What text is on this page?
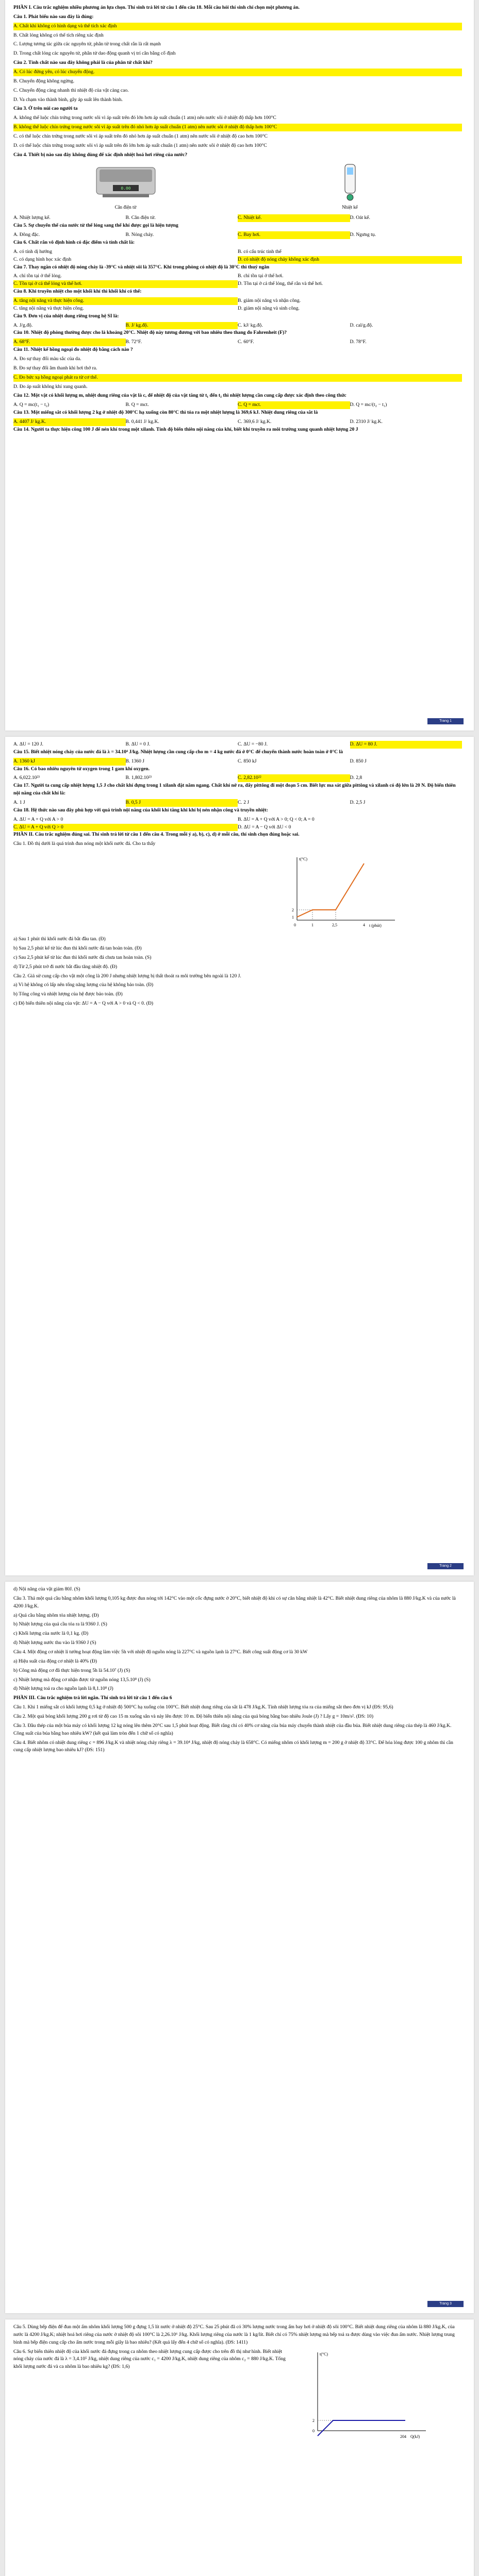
PHẦN I. Câu trắc nghiệm nhiều phương án lựa chọn. Thí sinh trả lời từ câu 1 đến câu 18. Mỗi câu hỏi thí sinh chỉ chọn một phương án.

Câu 1. Phát biểu nào sau đây là đúng:

A. Chất khí không có hình dạng và thể tích xác định

B. Chất lỏng không có thể tích riêng xác định

C. Lượng tương tác giữa các nguyên tử, phân tử trong chất rắn là rất mạnh

D. Trong chất lỏng các nguyên tử, phân tử dao động quanh vị trí cân bằng cố định

Câu 2. Tính chất nào sau đây không phải là của phân tử chất khí?

A. Có lúc đứng yên, có lúc chuyển động.

B. Chuyển động không ngừng.

C. Chuyển động càng nhanh thì nhiệt độ của vật càng cao.

D. Va chạm vào thành bình, gây áp suất lên thành bình.

Câu 3. Ở trên núi cao người ta

A. không thể luộc chín trứng trong nước sôi vì áp suất trên đó lớn hơn áp suất chuẩn (1 atm) nên nước sôi ở nhiệt độ thấp hơn 100°C

B. không thể luộc chín trứng trong nước sôi vì áp suất trên đó nhỏ hơn áp suất chuẩn (1 atm) nên nước sôi ở nhiệt độ thấp hơn 100°C

C. có thể luộc chín trứng trong nước sôi vì áp suất trên đó nhỏ hơn áp suất chuẩn (1 atm) nên nước sôi ở nhiệt độ cao hơn 100°C

D. có thể luộc chín trứng trong nước sôi vì áp suất trên đó lớn hơn áp suất chuẩn (1 atm) nên nước sôi ở nhiệt độ cao hơn 100°C

Câu 4. Thiết bị nào sau đây không dùng để xác định nhiệt hoá hơi riêng của nước?

0.00
Cân điện tử	Nhiệt kế
A. Nhiệt lượng kế.	B. Cân điện tử.	C. Nhiệt kế.	D. Oát kế.

Câu 5. Sự chuyển thể của nước từ thể lỏng sang thể khí được gọi là hiện tượng

A. Đông đặc.	B. Nóng chảy.	C. Bay hơi.	D. Ngưng tụ.

Câu 6. Chất rắn vô định hình có đặc điểm và tính chất là:

A. có tính dị hướng	B. có cấu trúc tinh thể
C. có dạng hình học xác định	D. có nhiệt độ nóng chảy không xác định

Câu 7. Thay ngăn có nhiệt độ nóng chảy là -39°C và nhiệt sôi là 357°C. Khi trong phòng có nhiệt độ là 30°C thì thuỷ ngân

A. chỉ tồn tại ở thể lỏng.	B. chỉ tồn tại ở thể hơi.
C. Tồn tại ở cả thể lỏng và thể hơi.	D. Tồn tại ở cả thể lỏng, thể rắn và thể hơi.

Câu 8. Khi truyền nhiệt cho một khối khí thì khối khí có thể:

A. tăng nội năng và thực hiện công.	B. giảm nội năng và nhận công.
C. tăng nội năng và thực hiện công.	D. giảm nội năng và sinh công.

Câu 9. Đơn vị của nhiệt dung riêng trong hệ SI là:

A. J/g.độ.	B. J/ kg.độ.	C. kJ/ kg.độ.	D. cal/g.độ.

Câu 10. Nhiệt độ phòng thường được cho là khoảng 20°C. Nhiệt độ này tương đương với bao nhiêu theo thang đo Fahrenheit (F)?

A. 68°F.	B. 72°F.	C. 60°F.	D. 78°F.

Câu 11. Nhiệt kế hồng ngoại đo nhiệt độ bằng cách nào ?

A. Đo sự thay đổi màu sắc của da.

B. Đo sự thay đổi âm thanh khi hơi thở ra.

C. Đo bức xạ hồng ngoại phát ra từ cơ thể.

D. Đo áp suất không khí xung quanh.

Câu 12. Một vật có khối lượng m, nhiệt dung riêng của vật là c, để nhiệt độ của vật tăng từ t₁ đến t₂ thì nhiệt lượng cần cung cấp được xác định theo công thức

A. Q = mc(t₁ − t₂)	B. Q = mct.	C. Q = mct.	D. Q = mc/(t₂ − t₁)

Câu 13. Một miếng sắt có khối lượng 2 kg ở nhiệt độ 300°C hạ xuống còn 80°C thì tỏa ra một nhiệt lượng là 369,6 kJ. Nhiệt dung riêng của sắt là

A. 4407 J/ kg.K.	B. 0,441 J/ kg.K.	C. 369,6 J/ kg.K.	D. 2310 J/ kg.K.

Câu 14. Người ta thực hiện công 100 J để nén khí trong một xilanh. Tính độ biến thiên nội năng của khí, biết khí truyền ra môi trường xung quanh nhiệt lượng 20 J

Trang 1
A. ΔU = 120 J.	B. ΔU = 0 J.	C. ΔU = −80 J.	D. ΔU = 80 J.

Câu 15. Biết nhiệt nóng chảy của nước đá là λ = 34.10⁴ J/kg. Nhiệt lượng cần cung cấp cho m = 4 kg nước đá ở 0°C để chuyển thành nước hoàn toàn ở 0°C là

A. 1360 kJ	B. 1360 J	C. 850 kJ	D. 850 J

Câu 16. Có bao nhiêu nguyên tử oxygen trong 1 gam khí oxygen.

A. 6,022.10²³	B. 1,802.10²³	C. 2,82.10²²	D. 2,8

Câu 17. Người ta cung cấp nhiệt lượng 1,5 J cho chất khí đựng trong 1 xilanh đặt nằm ngang. Chất khí nở ra, đẩy pittông đi một đoạn 5 cm. Biết lực ma sát giữa pittông và xilanh có độ lớn là 20 N. Độ biến thiên nội năng của chất khí là:

A. 1 J	B. 0,5 J	C. 2 J	D. 2,5 J

Câu 18. Hệ thức nào sau đây phù hợp với quá trình nội năng của khối khí tăng khi khí bị nén nhận công và truyền nhiệt:

A. ΔU = A + Q với A > 0	B. ΔU = A + Q với A > 0; Q < 0; A = 0
C. ΔU = A + Q với Q > 0	D. ΔU = A − Q với ΔU < 0

PHẦN II. Câu trắc nghiệm đúng sai. Thí sinh trả lời từ câu 1 đến câu 4. Trong mỗi ý a), b), c), d) ở mỗi câu, thí sinh chọn đúng hoặc sai.

Câu 1. Đồ thị dưới là quá trình đun nóng một khối nước đá. Cho ta thấy

t(°C)
t (phút)
2
1
0	1	2,5	4

a) Sau 1 phút thì khối nước đá bắt đầu tan. (Đ)

b) Sau 2,5 phút kể từ lúc đun thì khối nước đá tan hoàn toàn. (Đ)

c) Sau 2,5 phút kể từ lúc đun thì khối nước đá chưa tan hoàn toàn. (S)

d) Từ 2,5 phút trở đi nước bắt đầu tăng nhiệt độ. (Đ)

Câu 2. Giả sử cung cấp cho vật một công là 200 J nhưng nhiệt lượng bị thất thoát ra môi trường bên ngoài là 120 J.

a) Vì hệ không có lấp nên tổng năng lượng của hệ không bảo toàn. (Đ)

b) Tổng công và nhiệt lượng của hệ được bảo toàn. (Đ)

c) Độ biến thiên nội năng của vật: ΔU = A − Q với A > 0 và Q < 0. (Đ)

Trang 2

d) Nội năng của vật giảm 80J. (S)

Câu 3. Thả một quả cầu bằng nhôm khối lượng 0,105 kg được đun nóng tới 142°C vào một cốc đựng nước ở 20°C, biết nhiệt độ khi có sự cân bằng nhiệt là 42°C. Biết nhiệt dung riêng của nhôm là 880 J/kg.K và của nước là 4200 J/kg.K.

a) Quả cầu bằng nhôm tỏa nhiệt lượng. (Đ)

b) Nhiệt lượng của quả cầu tỏa ra là 9360 J. (S)

c) Khối lượng của nước là 0,1 kg. (Đ)

d) Nhiệt lượng nước thu vào là 9360 J (S)

Câu 4. Một động cơ nhiệt lí tưởng hoạt động làm việc 5h với nhiệt độ nguồn nóng là 227°C và nguồn lạnh là 27°C. Biết công suất động cơ là 30 kW

a) Hiệu suất của động cơ nhiệt là 40% (Đ)

b) Công mà động cơ đã thực hiện trong 5h là 54.10⁷ (J) (S)

c) Nhiệt lượng mà động cơ nhận được từ nguồn nóng 13,5.10⁸ (J) (S)

d) Nhiệt lượng toả ra cho nguồn lạnh là 8,1.10⁸ (J)

PHẦN III. Câu trắc nghiệm trả lời ngắn. Thí sinh trả lời từ câu 1 đến câu 6

Câu 1. Khi 1 miếng sắt có khối lượng 0,5 kg ở nhiệt độ 500°C hạ xuống còn 100°C. Biết nhiệt dung riêng của sắt là 478 J/kg.K. Tính nhiệt lượng tỏa ra của miếng sắt theo đơn vị kJ (ĐS: 95,6)

Câu 2. Một quả bóng khối lượng 200 g rơi từ độ cao 15 m xuống sân và nảy lên được 10 m. Độ biến thiên nội năng của quả bóng bằng bao nhiêu Joule (J) ? Lấy g = 10m/s². (ĐS: 10)

Câu 3. Đầu thép của một búa máy có khối lượng 12 kg nóng lên thêm 20°C sau 1,5 phút hoạt động. Biết rằng chỉ có 40% cơ năng của búa máy chuyển thành nhiệt của đầu búa. Biết nhiệt dung riêng của thép là 460 J/kg.K. Công suất của búa bằng bao nhiêu kW? (kết quả làm tròn đến 1 chữ số có nghĩa)

Câu 4. Biết nhôm có nhiệt dung riêng c = 896 J/kg.K và nhiệt nóng chảy riêng λ = 39.10⁴ J/kg, nhiệt độ nóng chảy là 658°C. Có miếng nhôm có khối lượng m = 200 g ở nhiệt độ 33°C. Để hóa lỏng được 100 g nhôm thì cần cung cấp nhiệt lượng bao nhiêu kJ? (ĐS: 151)

Trang 3

Câu 5. Dùng bếp điện để đun một ấm nhôm khối lượng 500 g đựng 1,5 lít nước ở nhiệt độ 25°C. Sau 25 phút đã có 30% lượng nước trong ấm bay hơi ở nhiệt độ sôi 100°C. Biết nhiệt dung riêng của nhôm là 880 J/kg.K, của nước là 4200 J/kg.K; nhiệt hoá hơi riêng của nước ở nhiệt độ sôi 100°C là 2,26.10⁶ J/kg. Khối lượng riêng của nước là 1 kg/lít. Biết chỉ có 75% nhiệt lượng mà bếp toả ra được dùng vào việc đun ấm nước. Nhiệt lượng trung bình mà bếp điện cung cấp cho ấm nước trong mỗi giây là bao nhiêu? (Kết quả lấy đến 4 chữ số có nghĩa). (ĐS: 1411)

Câu 6. Sự biến thiên nhiệt độ của khối nước đá đựng trong ca nhôm theo nhiệt lượng cung cấp được cho trên đồ thị như hình. Biết nhiệt nóng chảy của nước đá là λ = 3,4.10⁵ J/kg, nhiệt dung riêng của nước c₁ = 4200 J/kg.K, nhiệt dung riêng của nhôm c₂ = 880 J/kg.K. Tổng khối lượng nước đá và ca nhôm là bao nhiêu kg? (ĐS: 1,6)

t(°C)
Q(kJ)
2
0
204
